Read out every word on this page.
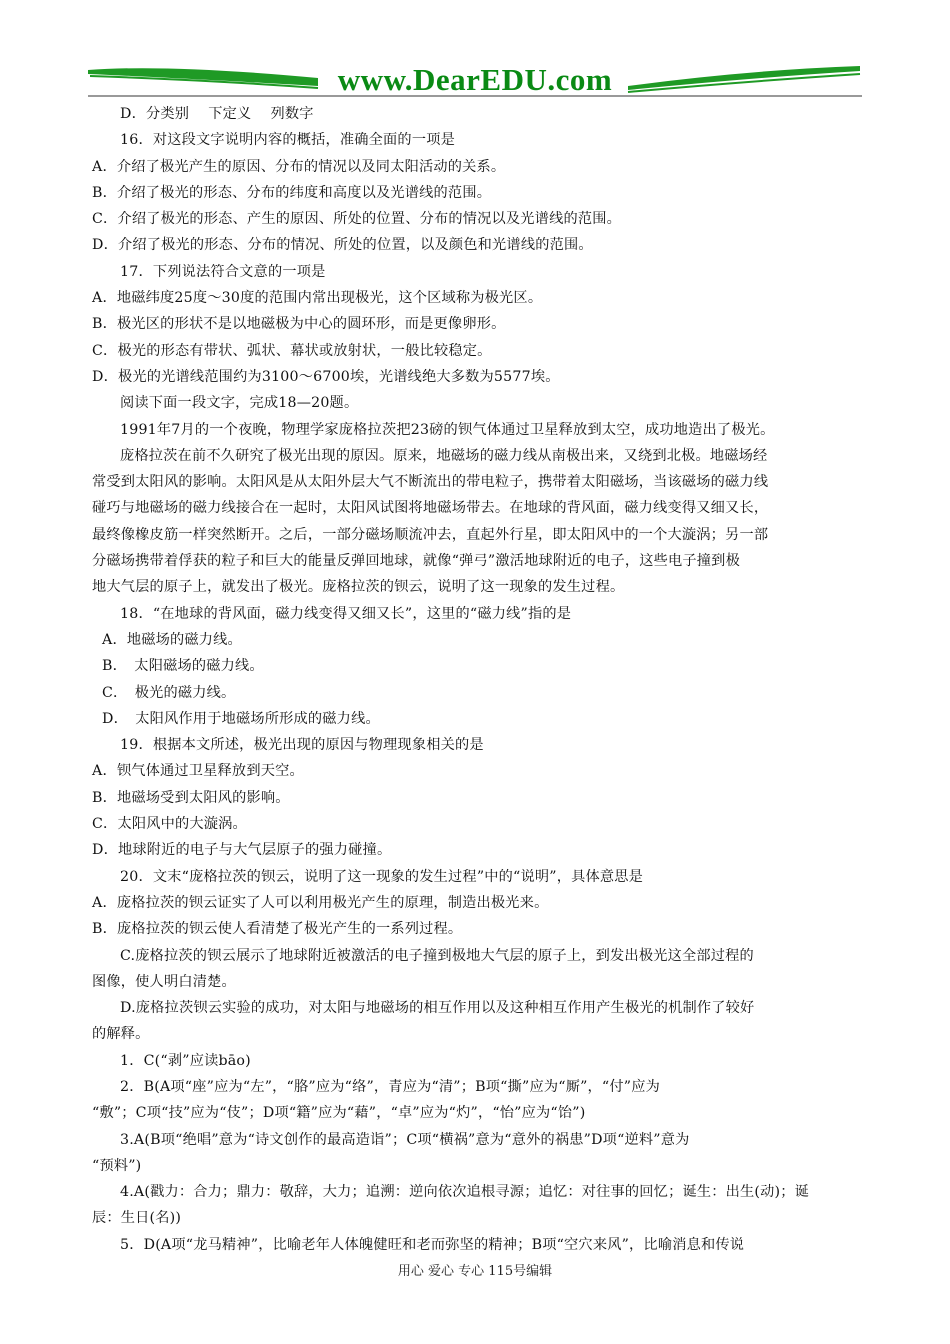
www.DearEDU.com
D．分类别　 下定义　 列数字
16．对这段文字说明内容的概括，准确全面的一项是
A．介绍了极光产生的原因、分布的情况以及同太阳活动的关系。
B．介绍了极光的形态、分布的纬度和高度以及光谱线的范围。
C．介绍了极光的形态、产生的原因、所处的位置、分布的情况以及光谱线的范围。
D．介绍了极光的形态、分布的情况、所处的位置，以及颜色和光谱线的范围。
17．下列说法符合文意的一项是
A．地磁纬度25度～30度的范围内常出现极光，这个区域称为极光区。
B．极光区的形状不是以地磁极为中心的圆环形，而是更像卵形。
C．极光的形态有带状、弧状、幕状或放射状，一般比较稳定。
D．极光的光谱线范围约为3100～6700埃，光谱线绝大多数为5577埃。
阅读下面一段文字，完成18—20题。
1991年7月的一个夜晚，物理学家庞格拉茨把23磅的钡气体通过卫星释放到太空，成功地造出了极光。
庞格拉茨在前不久研究了极光出现的原因。原来，地磁场的磁力线从南极出来，又绕到北极。地磁场经
常受到太阳风的影响。太阳风是从太阳外层大气不断流出的带电粒子，携带着太阳磁场，当该磁场的磁力线
碰巧与地磁场的磁力线接合在一起时，太阳风试图将地磁场带去。在地球的背风面，磁力线变得又细又长，
最终像橡皮筋一样突然断开。之后，一部分磁场顺流冲去，直起外行星，即太阳风中的一个大漩涡；另一部
分磁场携带着俘获的粒子和巨大的能量反弹回地球，就像“弹弓”激活地球附近的电子，这些电子撞到极
地大气层的原子上，就发出了极光。庞格拉茨的钡云，说明了这一现象的发生过程。
18．“在地球的背风面，磁力线变得又细又长”，这里的“磁力线”指的是
A．地磁场的磁力线。
B．　太阳磁场的磁力线。
C．　极光的磁力线。
D．　太阳风作用于地磁场所形成的磁力线。
19．根据本文所述，极光出现的原因与物理现象相关的是
A．钡气体通过卫星释放到天空。
B．地磁场受到太阳风的影响。
C．太阳风中的大漩涡。
D．地球附近的电子与大气层原子的强力碰撞。
20．文末“庞格拉茨的钡云，说明了这一现象的发生过程”中的“说明”，具体意思是
A．庞格拉茨的钡云证实了人可以利用极光产生的原理，制造出极光来。
B．庞格拉茨的钡云使人看清楚了极光产生的一系列过程。
C.庞格拉茨的钡云展示了地球附近被激活的电子撞到极地大气层的原子上，到发出极光这全部过程的
图像，使人明白清楚。
D.庞格拉茨钡云实验的成功，对太阳与地磁场的相互作用以及这种相互作用产生极光的机制作了较好
的解释。
1．C(“剥”应读bāo)
2．B(A项“座”应为“左”，“胳”应为“络”，青应为“清”；B项“撕”应为“厮”，“付”应为
“敷”；C项“技”应为“伎”；D项“籍”应为“藉”，“卓”应为“灼”，“怡”应为“饴”)
3.A(B项“绝唱”意为“诗文创作的最高造诣”；C项“横祸”意为“意外的祸患”D项“逆料”意为
“预料”)
4.A(戳力：合力；鼎力：敬辞，大力；追溯：逆向依次追根寻源；追忆：对往事的回忆；诞生：出生(动)；诞
辰：生日(名))
5．D(A项“龙马精神”，比喻老年人体魄健旺和老而弥坚的精神；B项“空穴来风”，比喻消息和传说
用心 爱心 专心 115号编辑
